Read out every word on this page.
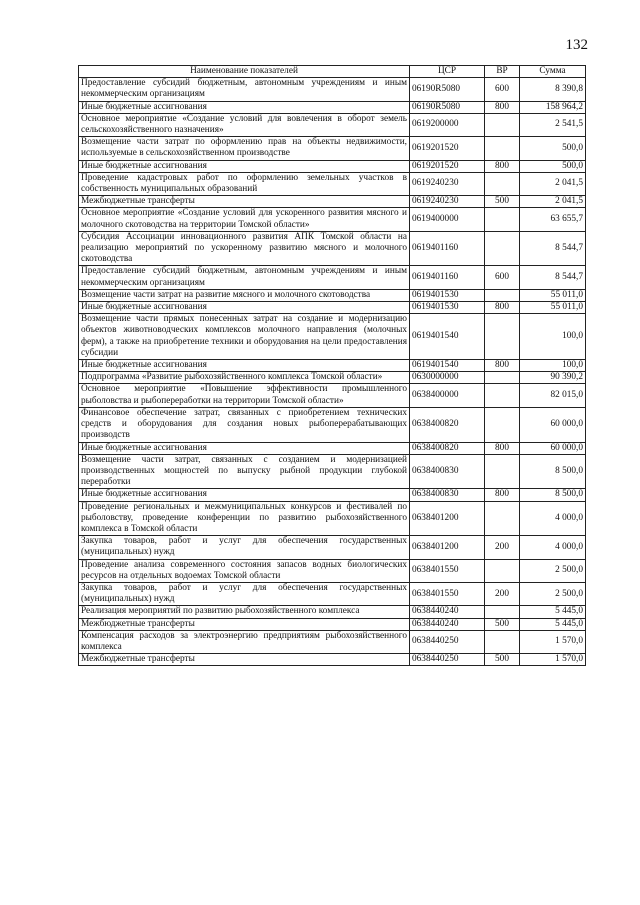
132
Наименование показателей	ЦСР	ВР	Сумма
Предоставление субсидий бюджетным, автономным учреждениям и иным некоммерческим организациям	06190R5080	600	8 390,8
Иные бюджетные ассигнования	06190R5080	800	158 964,2
Основное мероприятие «Создание условий для вовлечения в оборот земель сельскохозяйственного назначения»	0619200000		2 541,5
Возмещение части затрат по оформлению прав на объекты недвижимости, используемые в сельскохозяйственном производстве	0619201520		500,0
Иные бюджетные ассигнования	0619201520	800	500,0
Проведение кадастровых работ по оформлению земельных участков в собственность муниципальных образований	0619240230		2 041,5
Межбюджетные трансферты	0619240230	500	2 041,5
Основное мероприятие «Создание условий для ускоренного развития мясного и молочного скотоводства на территории Томской области»	0619400000		63 655,7
Субсидия Ассоциации инновационного развития АПК Томской области на реализацию мероприятий по ускоренному развитию мясного и молочного скотоводства	0619401160		8 544,7
Предоставление субсидий бюджетным, автономным учреждениям и иным некоммерческим организациям	0619401160	600	8 544,7
Возмещение части затрат на развитие мясного и молочного скотоводства	0619401530		55 011,0
Иные бюджетные ассигнования	0619401530	800	55 011,0
Возмещение части прямых понесенных затрат на создание и модернизацию объектов животноводческих комплексов молочного направления (молочных ферм), а также на приобретение техники и оборудования на цели предоставления субсидии	0619401540		100,0
Иные бюджетные ассигнования	0619401540	800	100,0
Подпрограмма «Развитие рыбохозяйственного комплекса Томской области»	0630000000		90 390,2
Основное мероприятие «Повышение эффективности промышленного рыболовства и рыбопереработки на территории Томской области»	0638400000		82 015,0
Финансовое обеспечение затрат, связанных с приобретением технических средств и оборудования для создания новых рыбоперерабатывающих производств	0638400820		60 000,0
Иные бюджетные ассигнования	0638400820	800	60 000,0
Возмещение части затрат, связанных с созданием и модернизацией производственных мощностей по выпуску рыбной продукции глубокой переработки	0638400830		8 500,0
Иные бюджетные ассигнования	0638400830	800	8 500,0
Проведение региональных и межмуниципальных конкурсов и фестивалей по рыболовству, проведение конференции по развитию рыбохозяйственного комплекса в Томской области	0638401200		4 000,0
Закупка товаров, работ и услуг для обеспечения государственных (муниципальных) нужд	0638401200	200	4 000,0
Проведение анализа современного состояния запасов водных биологических ресурсов на отдельных водоемах Томской области	0638401550		2 500,0
Закупка товаров, работ и услуг для обеспечения государственных (муниципальных) нужд	0638401550	200	2 500,0
Реализация мероприятий по развитию рыбохозяйственного комплекса	0638440240		5 445,0
Межбюджетные трансферты	0638440240	500	5 445,0
Компенсация расходов за электроэнергию предприятиям рыбохозяйственного комплекса	0638440250		1 570,0
Межбюджетные трансферты	0638440250	500	1 570,0
